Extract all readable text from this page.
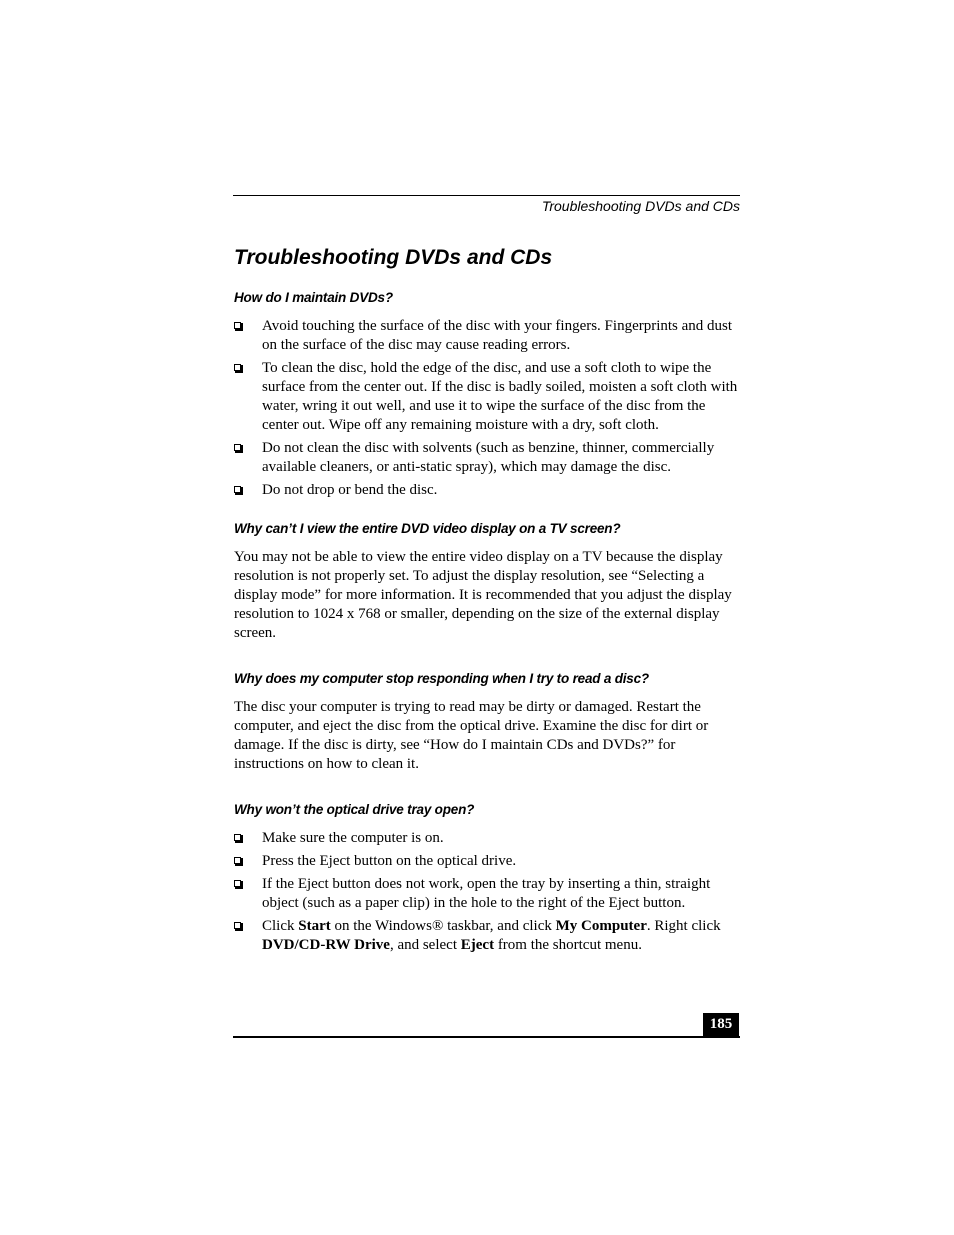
Troubleshooting DVDs and CDs
Troubleshooting DVDs and CDs
How do I maintain DVDs?
Avoid touching the surface of the disc with your fingers. Fingerprints and dust on the surface of the disc may cause reading errors.
To clean the disc, hold the edge of the disc, and use a soft cloth to wipe the surface from the center out. If the disc is badly soiled, moisten a soft cloth with water, wring it out well, and use it to wipe the surface of the disc from the center out. Wipe off any remaining moisture with a dry, soft cloth.
Do not clean the disc with solvents (such as benzine, thinner, commercially available cleaners, or anti-static spray), which may damage the disc.
Do not drop or bend the disc.
Why can’t I view the entire DVD video display on a TV screen?

You may not be able to view the entire video display on a TV because the display resolution is not properly set. To adjust the display resolution, see “Selecting a display mode” for more information. It is recommended that you adjust the display resolution to 1024 x 768 or smaller, depending on the size of the external display screen.

Why does my computer stop responding when I try to read a disc?

The disc your computer is trying to read may be dirty or damaged. Restart the computer, and eject the disc from the optical drive. Examine the disc for dirt or damage. If the disc is dirty, see “How do I maintain CDs and DVDs?” for instructions on how to clean it.

Why won’t the optical drive tray open?
Make sure the computer is on.
Press the Eject button on the optical drive.
If the Eject button does not work, open the tray by inserting a thin, straight object (such as a paper clip) in the hole to the right of the Eject button.
Click Start on the Windows® taskbar, and click My Computer. Right click DVD/CD-RW Drive, and select Eject from the shortcut menu.
185
